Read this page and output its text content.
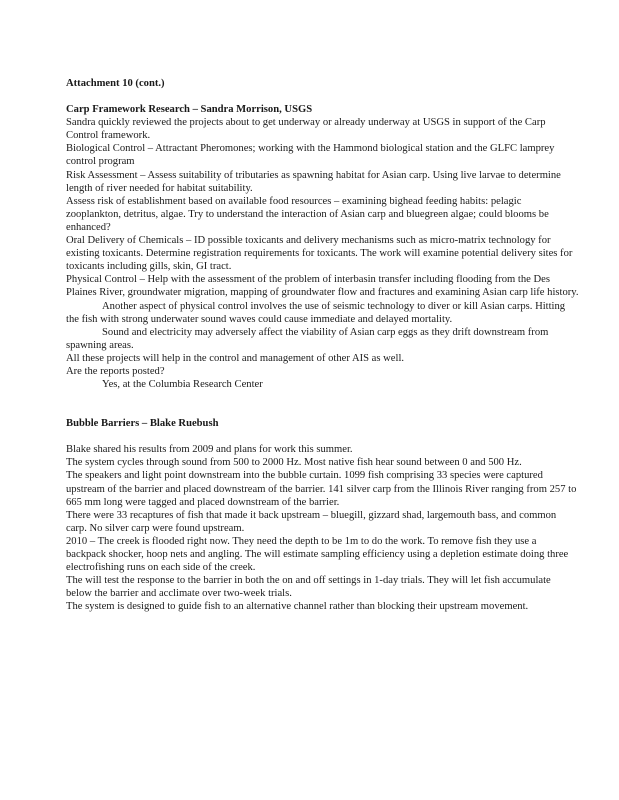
Attachment 10 (cont.)

Carp Framework Research – Sandra Morrison, USGS

Sandra quickly reviewed the projects about to get underway or already underway at USGS in support of the Carp Control framework.

Biological Control – Attractant Pheromones; working with the Hammond biological station and the GLFC lamprey control program

Risk Assessment – Assess suitability of tributaries as spawning habitat for Asian carp. Using live larvae to determine length of river needed for habitat suitability.

Assess risk of establishment based on available food resources – examining bighead feeding habits: pelagic zooplankton, detritus, algae. Try to understand the interaction of Asian carp and bluegreen algae; could blooms be enhanced?

Oral Delivery of Chemicals – ID possible toxicants and delivery mechanisms such as micro-matrix technology for existing toxicants. Determine registration requirements for toxicants. The work will examine potential delivery sites for toxicants including gills, skin, GI tract.

Physical Control – Help with the assessment of the problem of interbasin transfer including flooding from the Des Plaines River, groundwater migration, mapping of groundwater flow and fractures and examining Asian carp life history.

Another aspect of physical control involves the use of seismic technology to diver or kill Asian carps. Hitting the fish with strong underwater sound waves could cause immediate and delayed mortality.

Sound and electricity may adversely affect the viability of Asian carp eggs as they drift downstream from spawning areas.

All these projects will help in the control and management of other AIS as well.

Are the reports posted?

Yes, at the Columbia Research Center

Bubble Barriers – Blake Ruebush

Blake shared his results from 2009 and plans for work this summer.

The system cycles through sound from 500 to 2000 Hz. Most native fish hear sound between 0 and 500 Hz.

The speakers and light point downstream into the bubble curtain. 1099 fish comprising 33 species were captured upstream of the barrier and placed downstream of the barrier. 141 silver carp from the Illinois River ranging from 257 to 665 mm long were tagged and placed downstream of the barrier.

There were 33 recaptures of fish that made it back upstream – bluegill, gizzard shad, largemouth bass, and common carp. No silver carp were found upstream.

2010 – The creek is flooded right now. They need the depth to be 1m to do the work. To remove fish they use a backpack shocker, hoop nets and angling. The will estimate sampling efficiency using a depletion estimate doing three electrofishing runs on each side of the creek.

The will test the response to the barrier in both the on and off settings in 1-day trials. They will let fish accumulate below the barrier and acclimate over two-week trials.

The system is designed to guide fish to an alternative channel rather than blocking their upstream movement.
